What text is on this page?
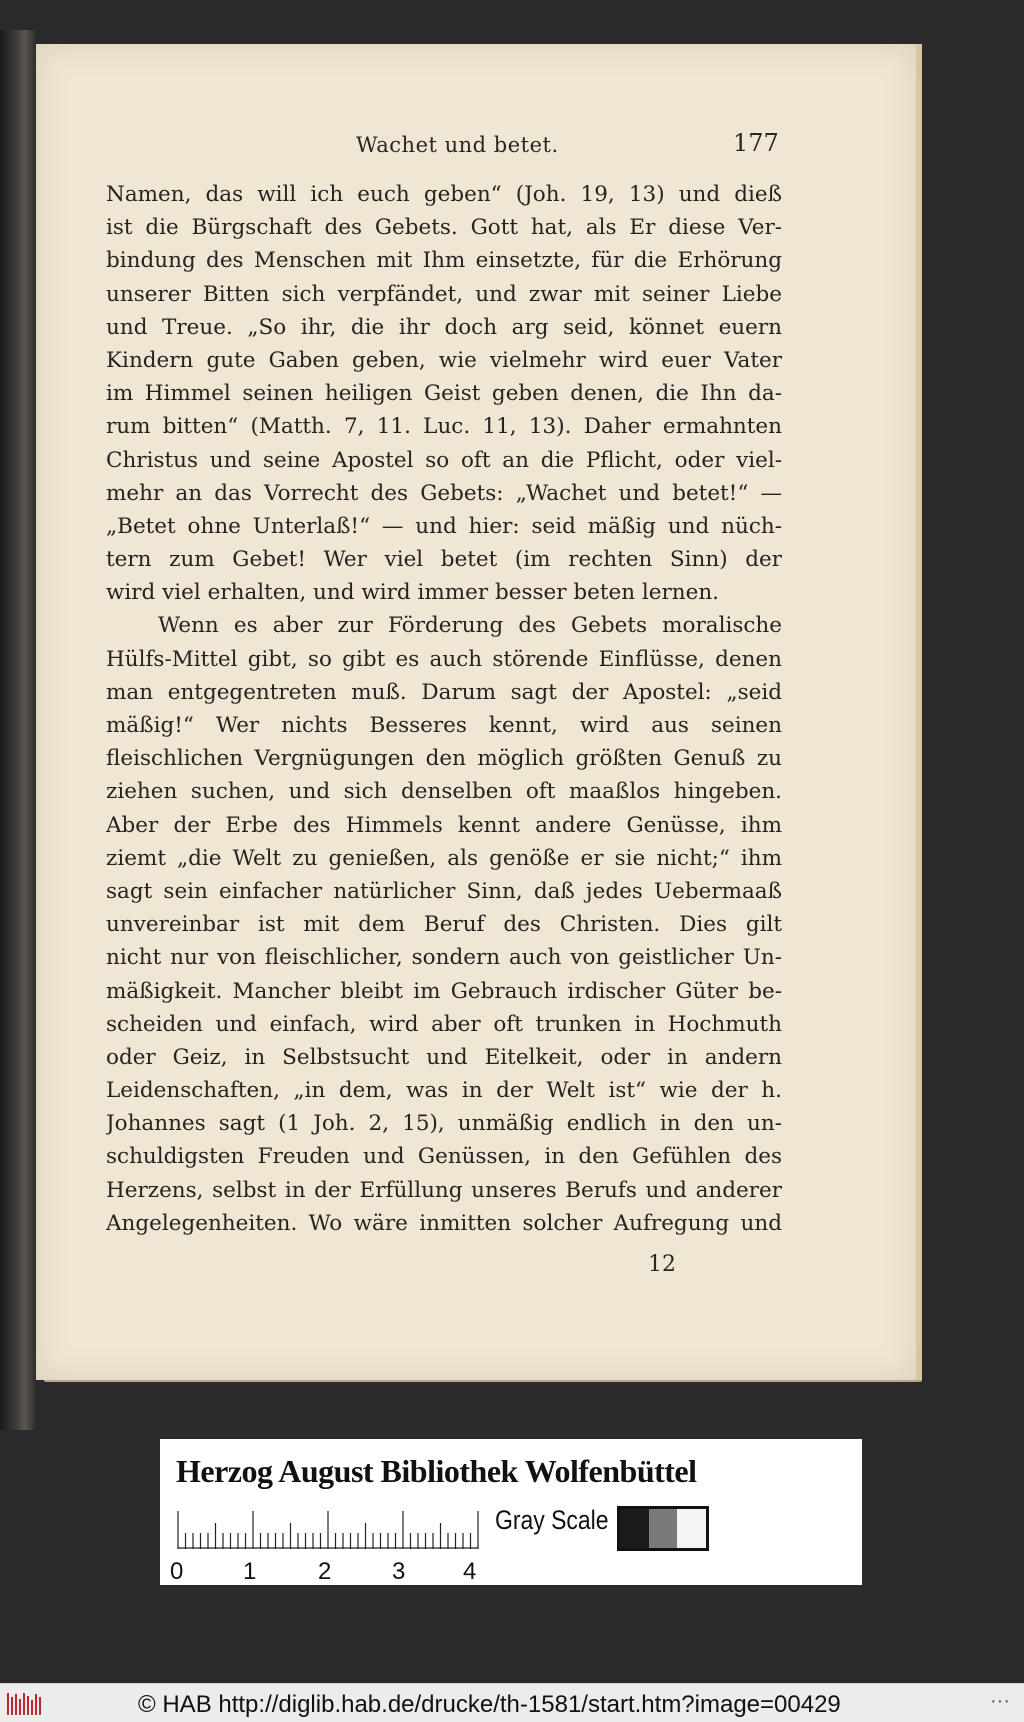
Wachet und betet.	177
Namen, das will ich euch geben“ (Joh. 19, 13) und dieß
ist die Bürgschaft des Gebets. Gott hat, als Er diese Ver-
bindung des Menschen mit Ihm einsetzte, für die Erhörung
unserer Bitten sich verpfändet, und zwar mit seiner Liebe
und Treue. „So ihr, die ihr doch arg seid, könnet euern
Kindern gute Gaben geben, wie vielmehr wird euer Vater
im Himmel seinen heiligen Geist geben denen, die Ihn da-
rum bitten“ (Matth. 7, 11. Luc. 11, 13). Daher ermahnten
Christus und seine Apostel so oft an die Pflicht, oder viel-
mehr an das Vorrecht des Gebets: „Wachet und betet!“ —
„Betet ohne Unterlaß!“ — und hier: seid mäßig und nüch-
tern zum Gebet! Wer viel betet (im rechten Sinn) der
wird viel erhalten, und wird immer besser beten lernen.
Wenn es aber zur Förderung des Gebets moralische
Hülfs-Mittel gibt, so gibt es auch störende Einflüsse, denen
man entgegentreten muß. Darum sagt der Apostel: „seid
mäßig!“ Wer nichts Besseres kennt, wird aus seinen
fleischlichen Vergnügungen den möglich größten Genuß zu
ziehen suchen, und sich denselben oft maaßlos hingeben.
Aber der Erbe des Himmels kennt andere Genüsse, ihm
ziemt „die Welt zu genießen, als genöße er sie nicht;“ ihm
sagt sein einfacher natürlicher Sinn, daß jedes Uebermaaß
unvereinbar ist mit dem Beruf des Christen. Dies gilt
nicht nur von fleischlicher, sondern auch von geistlicher Un-
mäßigkeit. Mancher bleibt im Gebrauch irdischer Güter be-
scheiden und einfach, wird aber oft trunken in Hochmuth
oder Geiz, in Selbstsucht und Eitelkeit, oder in andern
Leidenschaften, „in dem, was in der Welt ist“ wie der h.
Johannes sagt (1 Joh. 2, 15), unmäßig endlich in den un-
schuldigsten Freuden und Genüssen, in den Gefühlen des
Herzens, selbst in der Erfüllung unseres Berufs und anderer
Angelegenheiten. Wo wäre inmitten solcher Aufregung und
12
Herzog August Bibliothek Wolfenbüttel
0 1	2	3 4
Gray Scale
© HAB http://diglib.hab.de/drucke/th-1581/start.htm?image=00429	···
